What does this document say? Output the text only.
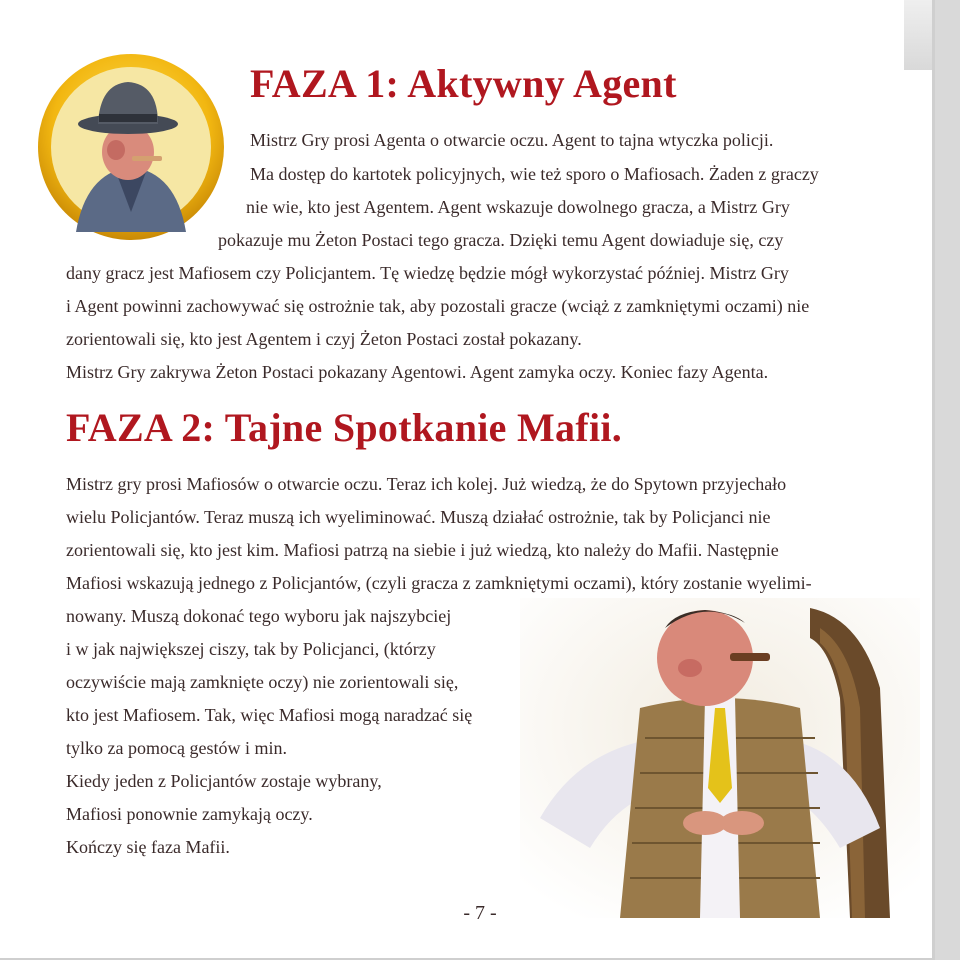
FAZA 1: Aktywny Agent

Mistrz Gry prosi Agenta o otwarcie oczu. Agent to tajna wtyczka policji.

Ma dostęp do kartotek policyjnych, wie też sporo o Mafiosach. Żaden z graczy

nie wie, kto jest Agentem. Agent wskazuje dowolnego gracza, a Mistrz Gry

pokazuje mu Żeton Postaci tego gracza. Dzięki temu Agent dowiaduje się, czy

dany gracz jest Mafiosem czy Policjantem. Tę wiedzę będzie mógł wykorzystać później. Mistrz Gry

i Agent powinni zachowywać się ostrożnie tak, aby pozostali gracze (wciąż z zamkniętymi oczami) nie

zorientowali się, kto jest Agentem i czyj Żeton Postaci został pokazany.

Mistrz Gry zakrywa Żeton Postaci pokazany Agentowi. Agent zamyka oczy. Koniec fazy Agenta.

FAZA 2: Tajne Spotkanie Mafii.

Mistrz gry prosi Mafiosów o otwarcie oczu. Teraz ich kolej. Już wiedzą, że do Spytown przyjechało

wielu Policjantów. Teraz muszą ich wyeliminować. Muszą działać ostrożnie, tak by Policjanci nie

zorientowali się, kto jest kim. Mafiosi patrzą na siebie i już wiedzą, kto należy do Mafii. Następnie

Mafiosi wskazują jednego z Policjantów, (czyli gracza z zamkniętymi oczami), który zostanie wyelimi-

nowany. Muszą dokonać tego wyboru jak najszybciej

i w jak największej ciszy, tak by Policjanci, (którzy

oczywiście mają zamknięte oczy) nie zorientowali się,

kto jest Mafiosem. Tak, więc Mafiosi mogą naradzać się

tylko za pomocą gestów i min.

Kiedy jeden z Policjantów zostaje wybrany,

Mafiosi ponownie zamykają oczy.

Kończy się faza Mafii.

- 7 -
